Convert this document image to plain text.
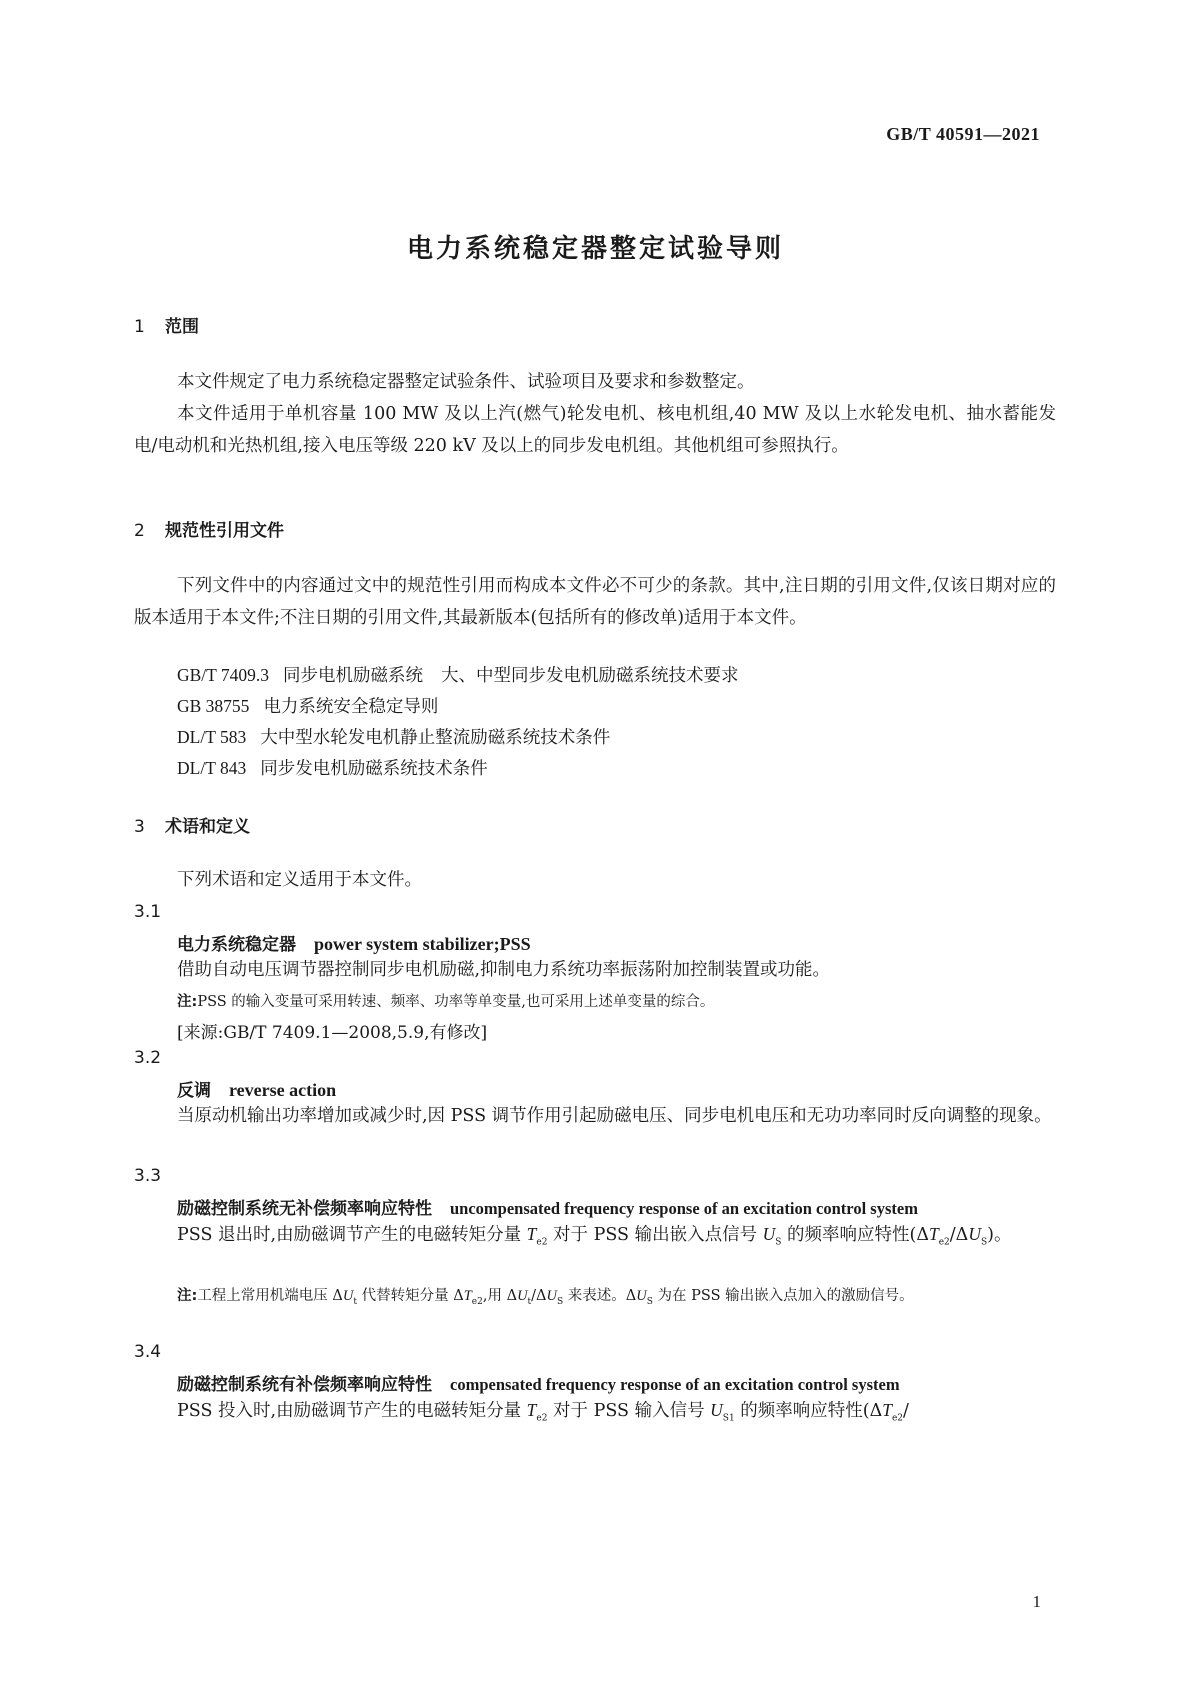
GB/T 40591—2021
电力系统稳定器整定试验导则
1 范围
本文件规定了电力系统稳定器整定试验条件、试验项目及要求和参数整定。
本文件适用于单机容量 100 MW 及以上汽(燃气)轮发电机、核电机组,40 MW 及以上水轮发电机、抽水蓄能发电/电动机和光热机组,接入电压等级 220 kV 及以上的同步发电机组。其他机组可参照执行。
2 规范性引用文件
下列文件中的内容通过文中的规范性引用而构成本文件必不可少的条款。其中,注日期的引用文件,仅该日期对应的版本适用于本文件;不注日期的引用文件,其最新版本(包括所有的修改单)适用于本文件。
GB/T 7409.3 同步电机励磁系统 大、中型同步发电机励磁系统技术要求
GB 38755 电力系统安全稳定导则
DL/T 583 大中型水轮发电机静止整流励磁系统技术条件
DL/T 843 同步发电机励磁系统技术条件
3 术语和定义
下列术语和定义适用于本文件。
3.1
电力系统稳定器 power system stabilizer;PSS
借助自动电压调节器控制同步电机励磁,抑制电力系统功率振荡附加控制装置或功能。
注:PSS 的输入变量可采用转速、频率、功率等单变量,也可采用上述单变量的综合。
[来源:GB/T 7409.1—2008,5.9,有修改]
3.2
反调 reverse action
当原动机输出功率增加或减少时,因 PSS 调节作用引起励磁电压、同步电机电压和无功功率同时反向调整的现象。
3.3
励磁控制系统无补偿频率响应特性 uncompensated frequency response of an excitation control system
PSS 退出时,由励磁调节产生的电磁转矩分量 $T_{e2}$ 对于 PSS 输出嵌入点信号 $U_S$ 的频率响应特性$(\Delta T_{e2}/\Delta U_S)$。
注:工程上常用机端电压 $\Delta U_t$ 代替转矩分量 $\Delta T_{e2}$,用 $\Delta U_t/\Delta U_S$ 来表述。$\Delta U_S$ 为在 PSS 输出嵌入点加入的激励信号。
3.4
励磁控制系统有补偿频率响应特性 compensated frequency response of an excitation control system
PSS 投入时,由励磁调节产生的电磁转矩分量 $T_{e2}$ 对于 PSS 输入信号 $U_{S1}$ 的频率响应特性($\Delta T_{e2}/$
1
